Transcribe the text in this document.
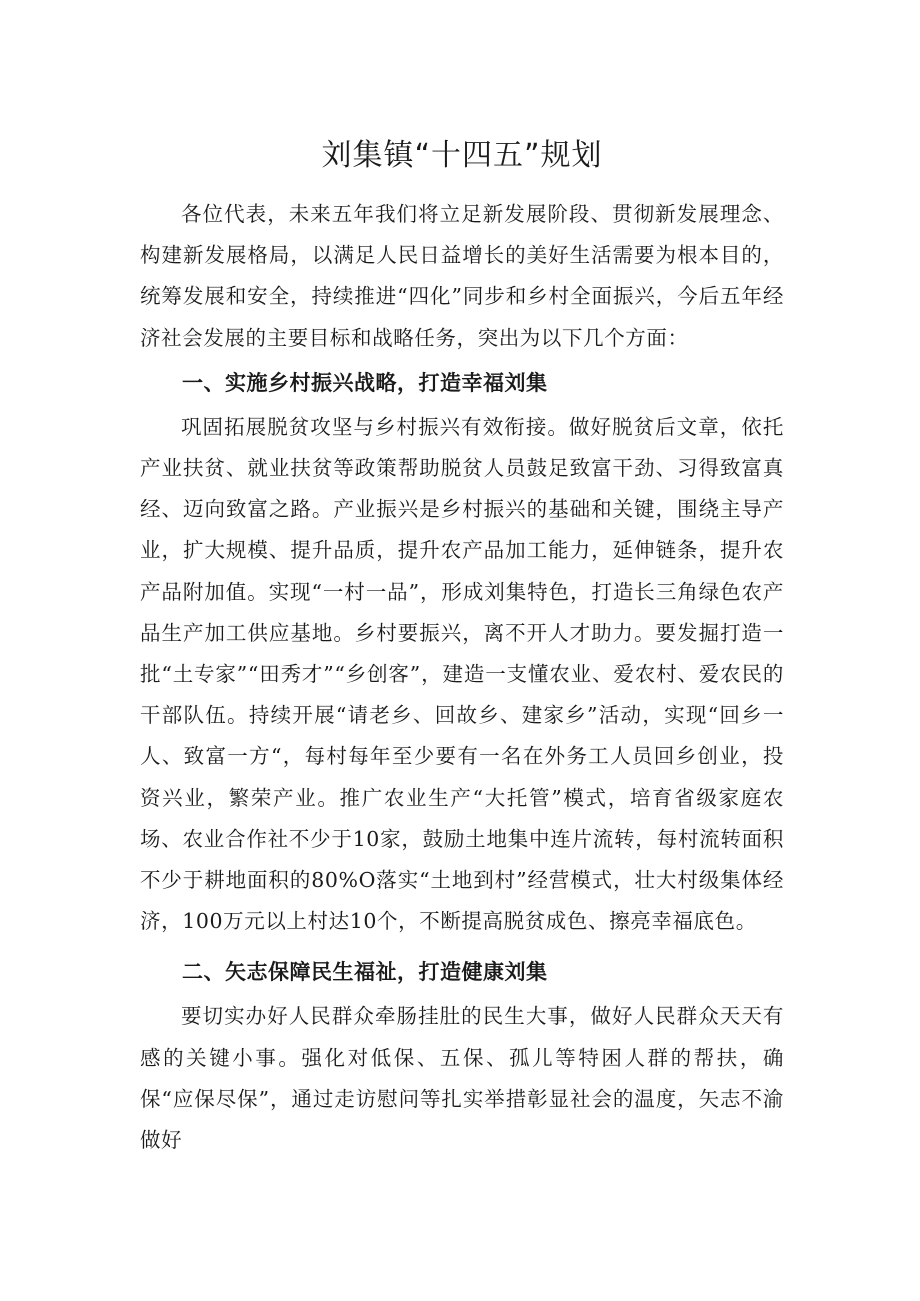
刘集镇“十四五”规划

各位代表，未来五年我们将立足新发展阶段、贯彻新发展理念、构建新发展格局，以满足人民日益增长的美好生活需要为根本目的，统筹发展和安全，持续推进“四化”同步和乡村全面振兴，今后五年经济社会发展的主要目标和战略任务，突出为以下几个方面：

一、实施乡村振兴战略，打造幸福刘集

巩固拓展脱贫攻坚与乡村振兴有效衔接。做好脱贫后文章，依托产业扶贫、就业扶贫等政策帮助脱贫人员鼓足致富干劲、习得致富真经、迈向致富之路。产业振兴是乡村振兴的基础和关键，围绕主导产业，扩大规模、提升品质，提升农产品加工能力，延伸链条，提升农产品附加值。实现“一村一品”，形成刘集特色，打造长三角绿色农产品生产加工供应基地。乡村要振兴，离不开人才助力。要发掘打造一批“土专家”“田秀才”“乡创客”，建造一支懂农业、爱农村、爱农民的干部队伍。持续开展“请老乡、回故乡、建家乡”活动，实现“回乡一人、致富一方“，每村每年至少要有一名在外务工人员回乡创业，投资兴业，繁荣产业。推广农业生产“大托管”模式，培育省级家庭农场、农业合作社不少于10家，鼓励土地集中连片流转，每村流转面积不少于耕地面积的80%O落实“土地到村”经营模式，壮大村级集体经济，100万元以上村达10个，不断提高脱贫成色、擦亮幸福底色。

二、矢志保障民生福祉，打造健康刘集

要切实办好人民群众牵肠挂肚的民生大事，做好人民群众天天有感的关键小事。强化对低保、五保、孤儿等特困人群的帮扶，确保“应保尽保”，通过走访慰问等扎实举措彰显社会的温度，矢志不渝做好
